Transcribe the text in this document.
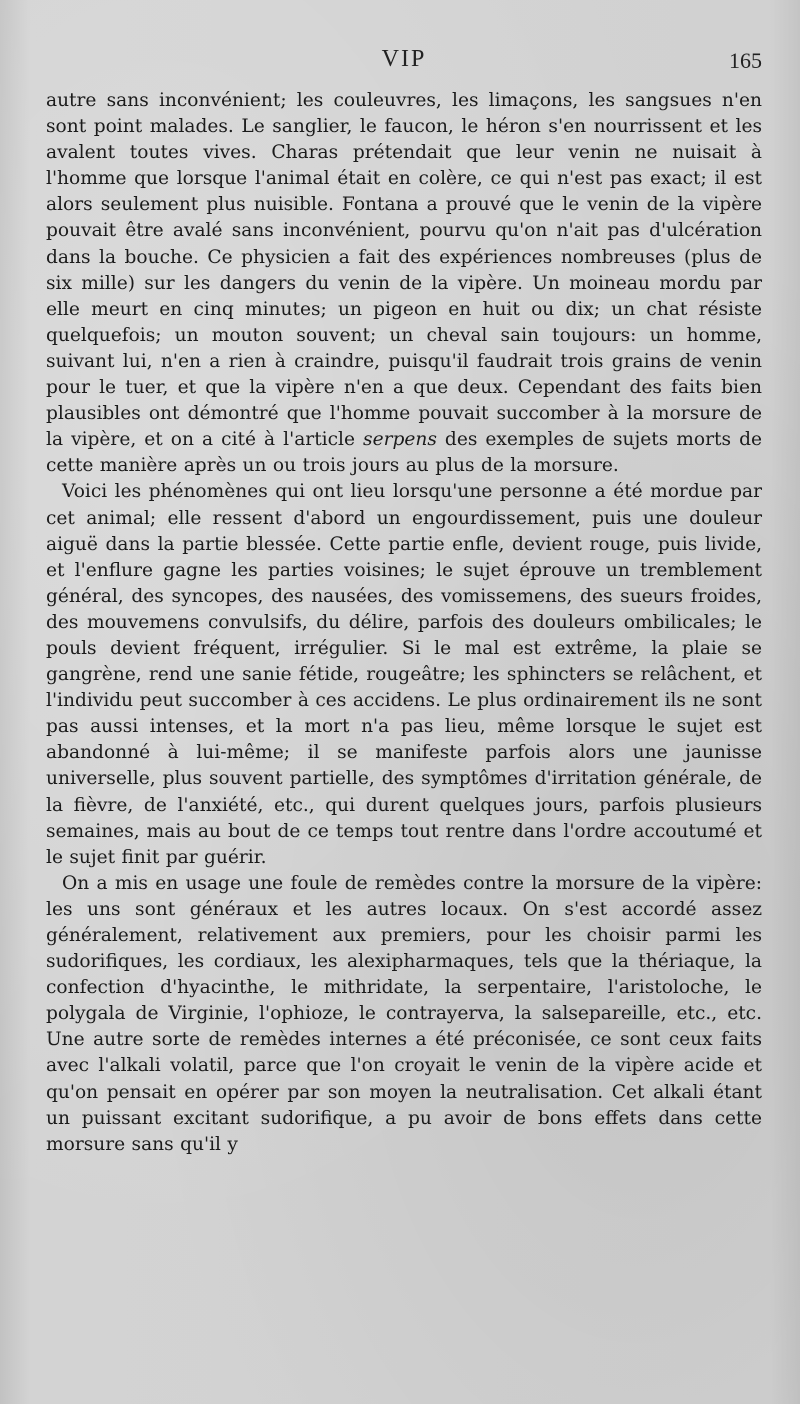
VIP	165

autre sans inconvénient; les couleuvres, les limaçons, les sangsues n'en sont point malades. Le sanglier, le faucon, le héron s'en nourrissent et les avalent toutes vives. Charas prétendait que leur venin ne nuisait à l'homme que lorsque l'animal était en colère, ce qui n'est pas exact; il est alors seulement plus nuisible. Fontana a prouvé que le venin de la vipère pouvait être avalé sans inconvénient, pourvu qu'on n'ait pas d'ulcération dans la bouche. Ce physicien a fait des expériences nombreuses (plus de six mille) sur les dangers du venin de la vipère. Un moineau mordu par elle meurt en cinq minutes; un pigeon en huit ou dix; un chat résiste quelquefois; un mouton souvent; un cheval sain toujours: un homme, suivant lui, n'en a rien à craindre, puisqu'il faudrait trois grains de venin pour le tuer, et que la vipère n'en a que deux. Cependant des faits bien plausibles ont démontré que l'homme pouvait succomber à la morsure de la vipère, et on a cité à l'article serpens des exemples de sujets morts de cette manière après un ou trois jours au plus de la morsure.

Voici les phénomènes qui ont lieu lorsqu'une personne a été mordue par cet animal; elle ressent d'abord un engourdissement, puis une douleur aiguë dans la partie blessée. Cette partie enfle, devient rouge, puis livide, et l'enflure gagne les parties voisines; le sujet éprouve un tremblement général, des syncopes, des nausées, des vomissemens, des sueurs froides, des mouvemens convulsifs, du délire, parfois des douleurs ombilicales; le pouls devient fréquent, irrégulier. Si le mal est extrême, la plaie se gangrène, rend une sanie fétide, rougeâtre; les sphincters se relâchent, et l'individu peut succomber à ces accidens. Le plus ordinairement ils ne sont pas aussi intenses, et la mort n'a pas lieu, même lorsque le sujet est abandonné à lui-même; il se manifeste parfois alors une jaunisse universelle, plus souvent partielle, des symptômes d'irritation générale, de la fièvre, de l'anxiété, etc., qui durent quelques jours, parfois plusieurs semaines, mais au bout de ce temps tout rentre dans l'ordre accoutumé et le sujet finit par guérir.

On a mis en usage une foule de remèdes contre la morsure de la vipère: les uns sont généraux et les autres locaux. On s'est accordé assez généralement, relativement aux premiers, pour les choisir parmi les sudorifiques, les cordiaux, les alexipharmaques, tels que la thériaque, la confection d'hyacinthe, le mithridate, la serpentaire, l'aristoloche, le polygala de Virginie, l'ophioze, le contrayerva, la salsepareille, etc., etc. Une autre sorte de remèdes internes a été préconisée, ce sont ceux faits avec l'alkali volatil, parce que l'on croyait le venin de la vipère acide et qu'on pensait en opérer par son moyen la neutralisation. Cet alkali étant un puissant excitant sudorifique, a pu avoir de bons effets dans cette morsure sans qu'il y
